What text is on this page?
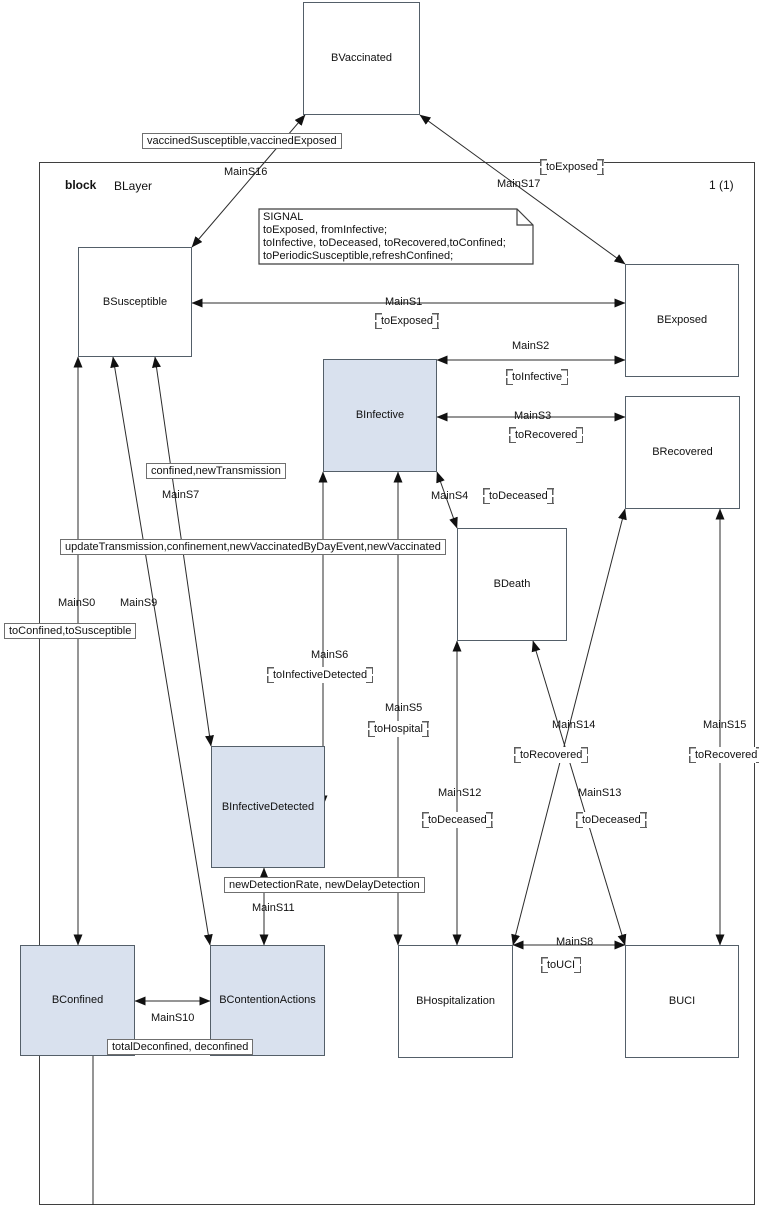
BVaccinated
BSusceptible
BExposed
BInfective
BRecovered
BDeath
BInfectiveDetected
BConfined	BContentionActions	BHospitalization	BUCI
MainS16
MainS17
MainS1
MainS2
MainS3
MainS4
MainS5
MainS6
MainS7
MainS0 MainS9
MainS10
MainS11
MainS12	MainS13
MainS14	MainS15
MainS8
vaccinedSusceptible,vaccinedExposed
confined,newTransmission
updateTransmission,confinement,newVaccinatedByDayEvent,newVaccinated
toConfined,toSusceptible
newDetectionRate, newDelayDetection
totalDeconfined, deconfined
toExposed
toExposed
toInfective
toRecovered
toDeceased
toInfectiveDetected
toHospital
toRecovered	toRecovered
toDeceased	toDeceased
toUCI
block BLayer	1 (1)
SIGNAL
toExposed, fromInfective;
toInfective, toDeceased, toRecovered,toConfined;
toPeriodicSusceptible,refreshConfined;
